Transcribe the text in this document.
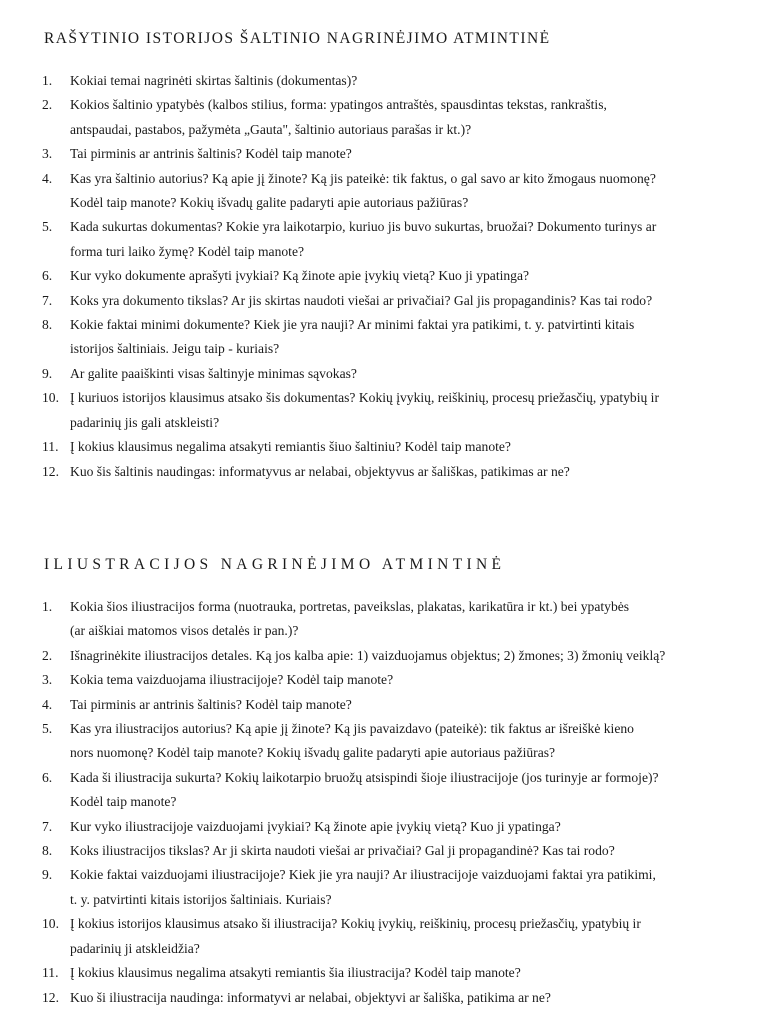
RAŠYTINIO ISTORIJOS ŠALTINIO NAGRINĖJIMO ATMINTINĖ
1. Kokiai temai nagrinėti skirtas šaltinis (dokumentas)?
2. Kokios šaltinio ypatybės (kalbos stilius, forma: ypatingos antraštės, spausdintas tekstas, rankraštis,
antspaudai, pastabos, pažymėta „Gauta", šaltinio autoriaus parašas ir kt.)?
3. Tai pirminis ar antrinis šaltinis? Kodėl taip manote?
4. Kas yra šaltinio autorius? Ką apie jį žinote? Ką jis pateikė: tik faktus, o gal savo ar kito žmogaus nuomonę?
Kodėl taip manote? Kokių išvadų galite padaryti apie autoriaus pažiūras?
5. Kada sukurtas dokumentas? Kokie yra laikotarpio, kuriuo jis buvo sukurtas, bruožai? Dokumento turinys ar
forma turi laiko žymę? Kodėl taip manote?
6. Kur vyko dokumente aprašyti įvykiai? Ką žinote apie įvykių vietą? Kuo ji ypatinga?
7. Koks yra dokumento tikslas? Ar jis skirtas naudoti viešai ar privačiai? Gal jis propagandinis? Kas tai rodo?
8. Kokie faktai minimi dokumente? Kiek jie yra nauji? Ar minimi faktai yra patikimi, t. y. patvirtinti kitais
istorijos šaltiniais. Jeigu taip - kuriais?
9. Ar galite paaiškinti visas šaltinyje minimas sąvokas?
10. Į kuriuos istorijos klausimus atsako šis dokumentas? Kokių įvykių, reiškinių, procesų priežasčių, ypatybių ir
padarinių jis gali atskleisti?
11. Į kokius klausimus negalima atsakyti remiantis šiuo šaltiniu? Kodėl taip manote?
12. Kuo šis šaltinis naudingas: informatyvus ar nelabai, objektyvus ar šališkas, patikimas ar ne?
ILIUSTRACIJOS NAGRINĖJIMO ATMINTINĖ
1. Kokia šios iliustracijos forma (nuotrauka, portretas, paveikslas, plakatas, karikatūra ir kt.) bei ypatybės
(ar aiškiai matomos visos detalės ir pan.)?
2. Išnagrinėkite iliustracijos detales. Ką jos kalba apie: 1) vaizduojamus objektus; 2) žmones; 3) žmonių veiklą?
3. Kokia tema vaizduojama iliustracijoje? Kodėl taip manote?
4. Tai pirminis ar antrinis šaltinis? Kodėl taip manote?
5. Kas yra iliustracijos autorius? Ką apie jį žinote? Ką jis pavaizdavo (pateikė): tik faktus ar išreiškė kieno
nors nuomonę? Kodėl taip manote? Kokių išvadų galite padaryti apie autoriaus pažiūras?
6. Kada ši iliustracija sukurta? Kokių laikotarpio bruožų atsispindi šioje iliustracijoje (jos turinyje ar formoje)?
Kodėl taip manote?
7. Kur vyko iliustracijoje vaizduojami įvykiai? Ką žinote apie įvykių vietą? Kuo ji ypatinga?
8. Koks iliustracijos tikslas? Ar ji skirta naudoti viešai ar privačiai? Gal ji propagandinė? Kas tai rodo?
9. Kokie faktai vaizduojami iliustracijoje? Kiek jie yra nauji? Ar iliustracijoje vaizduojami faktai yra patikimi,
t. y. patvirtinti kitais istorijos šaltiniais. Kuriais?
10. Į kokius istorijos klausimus atsako ši iliustracija? Kokių įvykių, reiškinių, procesų priežasčių, ypatybių ir
padarinių ji atskleidžia?
11. Į kokius klausimus negalima atsakyti remiantis šia iliustracija? Kodėl taip manote?
12. Kuo ši iliustracija naudinga: informatyvi ar nelabai, objektyvi ar šališka, patikima ar ne?
